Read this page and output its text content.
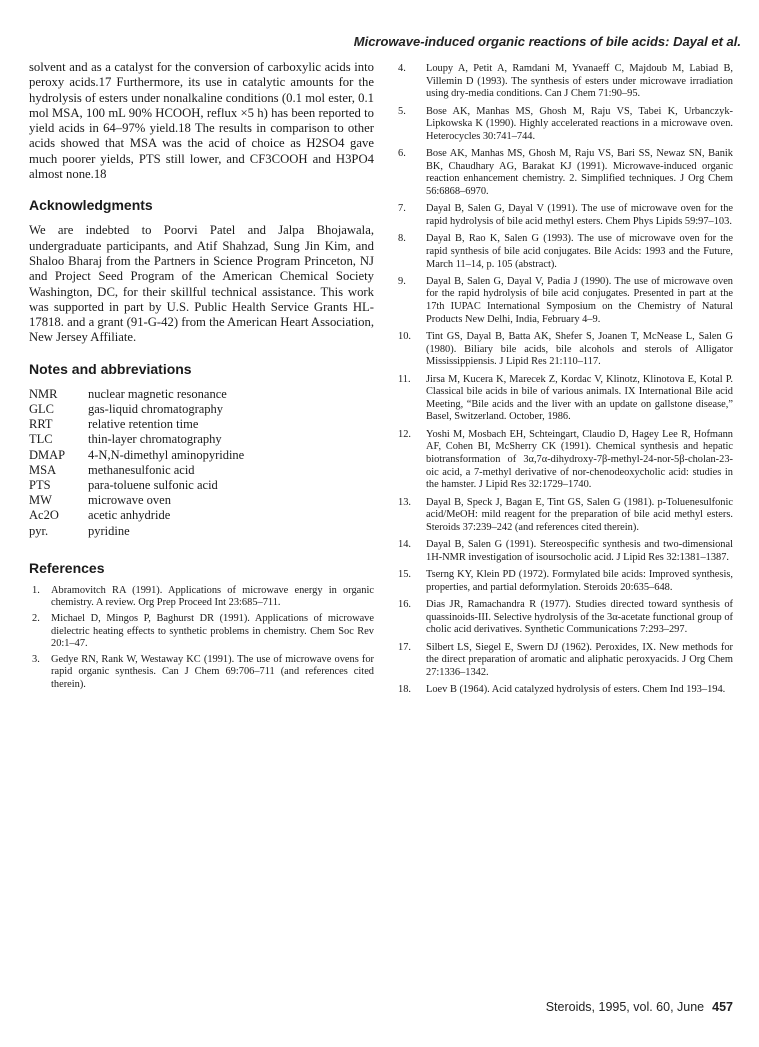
Microwave-induced organic reactions of bile acids: Dayal et al.

solvent and as a catalyst for the conversion of carboxylic acids into peroxy acids.17 Furthermore, its use in catalytic amounts for the hydrolysis of esters under nonalkaline conditions (0.1 mol ester, 0.1 mol MSA, 100 mL 90% HCOOH, reflux ×5 h) has been reported to yield acids in 64–97% yield.18 The results in comparison to other acids showed that MSA was the acid of choice as H2SO4 gave much poorer yields, PTS still lower, and CF3COOH and H3PO4 almost none.18

Acknowledgments

We are indebted to Poorvi Patel and Jalpa Bhojawala, undergraduate participants, and Atif Shahzad, Sung Jin Kim, and Shaloo Bharaj from the Partners in Science Program Princeton, NJ and Project Seed Program of the American Chemical Society Washington, DC, for their skillful technical assistance. This work was supported in part by U.S. Public Health Service Grants HL-17818. and a grant (91-G-42) from the American Heart Association, New Jersey Affiliate.

Notes and abbreviations
NMR	nuclear magnetic resonance
GLC	gas-liquid chromatography
RRT	relative retention time
TLC	thin-layer chromatography
DMAP	4-N,N-dimethyl aminopyridine
MSA	methanesulfonic acid
PTS	para-toluene sulfonic acid
MW	microwave oven
Ac2O	acetic anhydride
pyr.	pyridine
References
1.	Abramovitch RA (1991). Applications of microwave energy in organic chemistry. A review. Org Prep Proceed Int 23:685–711.
2.	Michael D, Mingos P, Baghurst DR (1991). Applications of microwave dielectric heating effects to synthetic problems in chemistry. Chem Soc Rev 20:1–47.
3.	Gedye RN, Rank W, Westaway KC (1991). The use of microwave ovens for rapid organic synthesis. Can J Chem 69:706–711 (and references cited therein).
4.	Loupy A, Petit A, Ramdani M, Yvanaeff C, Majdoub M, Labiad B, Villemin D (1993). The synthesis of esters under microwave irradiation using dry-media conditions. Can J Chem 71:90–95.
5.	Bose AK, Manhas MS, Ghosh M, Raju VS, Tabei K, Urbanczyk-Lipkowska K (1990). Highly accelerated reactions in a microwave oven. Heterocycles 30:741–744.
6.	Bose AK, Manhas MS, Ghosh M, Raju VS, Bari SS, Newaz SN, Banik BK, Chaudhary AG, Barakat KJ (1991). Microwave-induced organic reaction enhancement chemistry. 2. Simplified techniques. J Org Chem 56:6868–6970.
7.	Dayal B, Salen G, Dayal V (1991). The use of microwave oven for the rapid hydrolysis of bile acid methyl esters. Chem Phys Lipids 59:97–103.
8.	Dayal B, Rao K, Salen G (1993). The use of microwave oven for the rapid synthesis of bile acid conjugates. Bile Acids: 1993 and the Future, March 11–14, p. 105 (abstract).
9.	Dayal B, Salen G, Dayal V, Padia J (1990). The use of microwave oven for the rapid hydrolysis of bile acid conjugates. Presented in part at the 17th IUPAC International Symposium on the Chemistry of Natural Products New Delhi, India, February 4–9.
10.	Tint GS, Dayal B, Batta AK, Shefer S, Joanen T, McNease L, Salen G (1980). Biliary bile acids, bile alcohols and sterols of Alligator Mississippiensis. J Lipid Res 21:110–117.
11.	Jirsa M, Kucera K, Marecek Z, Kordac V, Klinotz, Klinotova E, Kotal P. Classical bile acids in bile of various animals. IX International Bile acid Meeting, “Bile acids and the liver with an update on gallstone disease,” Basel, Switzerland. October, 1986.
12.	Yoshi M, Mosbach EH, Schteingart, Claudio D, Hagey Lee R, Hofmann AF, Cohen BI, McSherry CK (1991). Chemical synthesis and hepatic biotransformation of 3α,7α-dihydroxy-7β-methyl-24-nor-5β-cholan-23-oic acid, a 7-methyl derivative of nor-chenodeoxycholic acid: studies in the hamster. J Lipid Res 32:1729–1740.
13.	Dayal B, Speck J, Bagan E, Tint GS, Salen G (1981). p-Toluenesulfonic acid/MeOH: mild reagent for the preparation of bile acid methyl esters. Steroids 37:239–242 (and references cited therein).
14.	Dayal B, Salen G (1991). Stereospecific synthesis and two-dimensional 1H-NMR investigation of isoursocholic acid. J Lipid Res 32:1381–1387.
15.	Tserng KY, Klein PD (1972). Formylated bile acids: Improved synthesis, properties, and partial deformylation. Steroids 20:635–648.
16.	Dias JR, Ramachandra R (1977). Studies directed toward synthesis of quassinoids-III. Selective hydrolysis of the 3α-acetate functional group of cholic acid derivatives. Synthetic Communications 7:293–297.
17.	Silbert LS, Siegel E, Swern DJ (1962). Peroxides, IX. New methods for the direct preparation of aromatic and aliphatic peroxyacids. J Org Chem 27:1336–1342.
18.	Loev B (1964). Acid catalyzed hydrolysis of esters. Chem Ind 193–194.
Steroids, 1995, vol. 60, June 457
